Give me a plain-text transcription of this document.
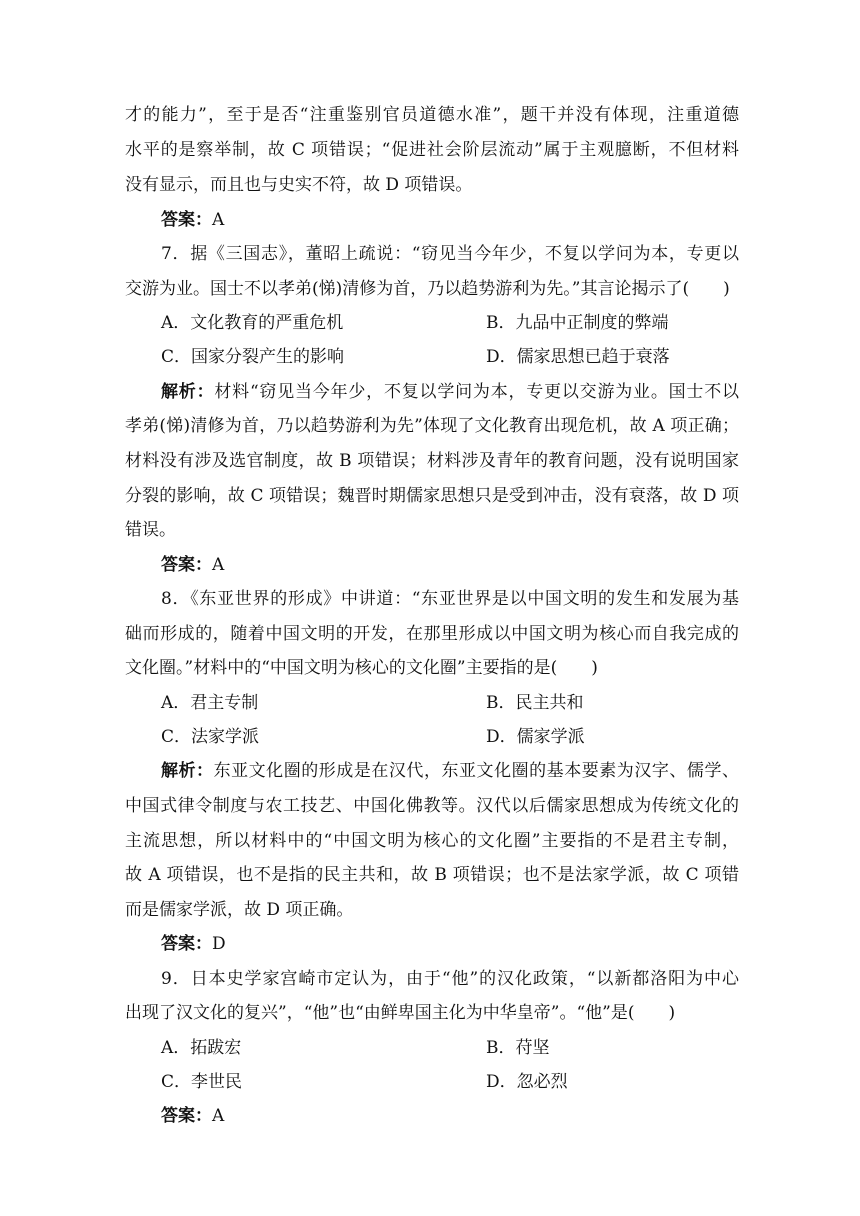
才的能力”，至于是否“注重鉴别官员道德水准”，题干并没有体现，注重道德
水平的是察举制，故 C 项错误；“促进社会阶层流动”属于主观臆断，不但材料
没有显示，而且也与史实不符，故 D 项错误。
答案：A
7．据《三国志》，董昭上疏说：“窃见当今年少，不复以学问为本，专更以
交游为业。国士不以孝弟(悌)清修为首，乃以趋势游利为先。”其言论揭示了(　　)
A．文化教育的严重危机	B．九品中正制度的弊端
C．国家分裂产生的影响	D．儒家思想已趋于衰落
解析：材料“窃见当今年少，不复以学问为本，专更以交游为业。国士不以
孝弟(悌)清修为首，乃以趋势游利为先”体现了文化教育出现危机，故 A 项正确；
材料没有涉及选官制度，故 B 项错误；材料涉及青年的教育问题，没有说明国家
分裂的影响，故 C 项错误；魏晋时期儒家思想只是受到冲击，没有衰落，故 D 项
错误。
答案：A
8．《东亚世界的形成》中讲道：“东亚世界是以中国文明的发生和发展为基
础而形成的，随着中国文明的开发，在那里形成以中国文明为核心而自我完成的
文化圈。”材料中的“中国文明为核心的文化圈”主要指的是(　　)
A．君主专制	B．民主共和
C．法家学派	D．儒家学派
解析：东亚文化圈的形成是在汉代，东亚文化圈的基本要素为汉字、儒学、
中国式律令制度与农工技艺、中国化佛教等。汉代以后儒家思想成为传统文化的
主流思想，所以材料中的“中国文明为核心的文化圈”主要指的不是君主专制，
故 A 项错误，也不是指的民主共和，故 B 项错误；也不是法家学派，故 C 项错
而是儒家学派，故 D 项正确。
答案：D
9．日本史学家宫崎市定认为，由于“他”的汉化政策，“以新都洛阳为中心
出现了汉文化的复兴”，“他”也“由鲜卑国主化为中华皇帝”。“他”是(　　)
A．拓跋宏	B．苻坚
C．李世民	D．忽必烈
答案：A
